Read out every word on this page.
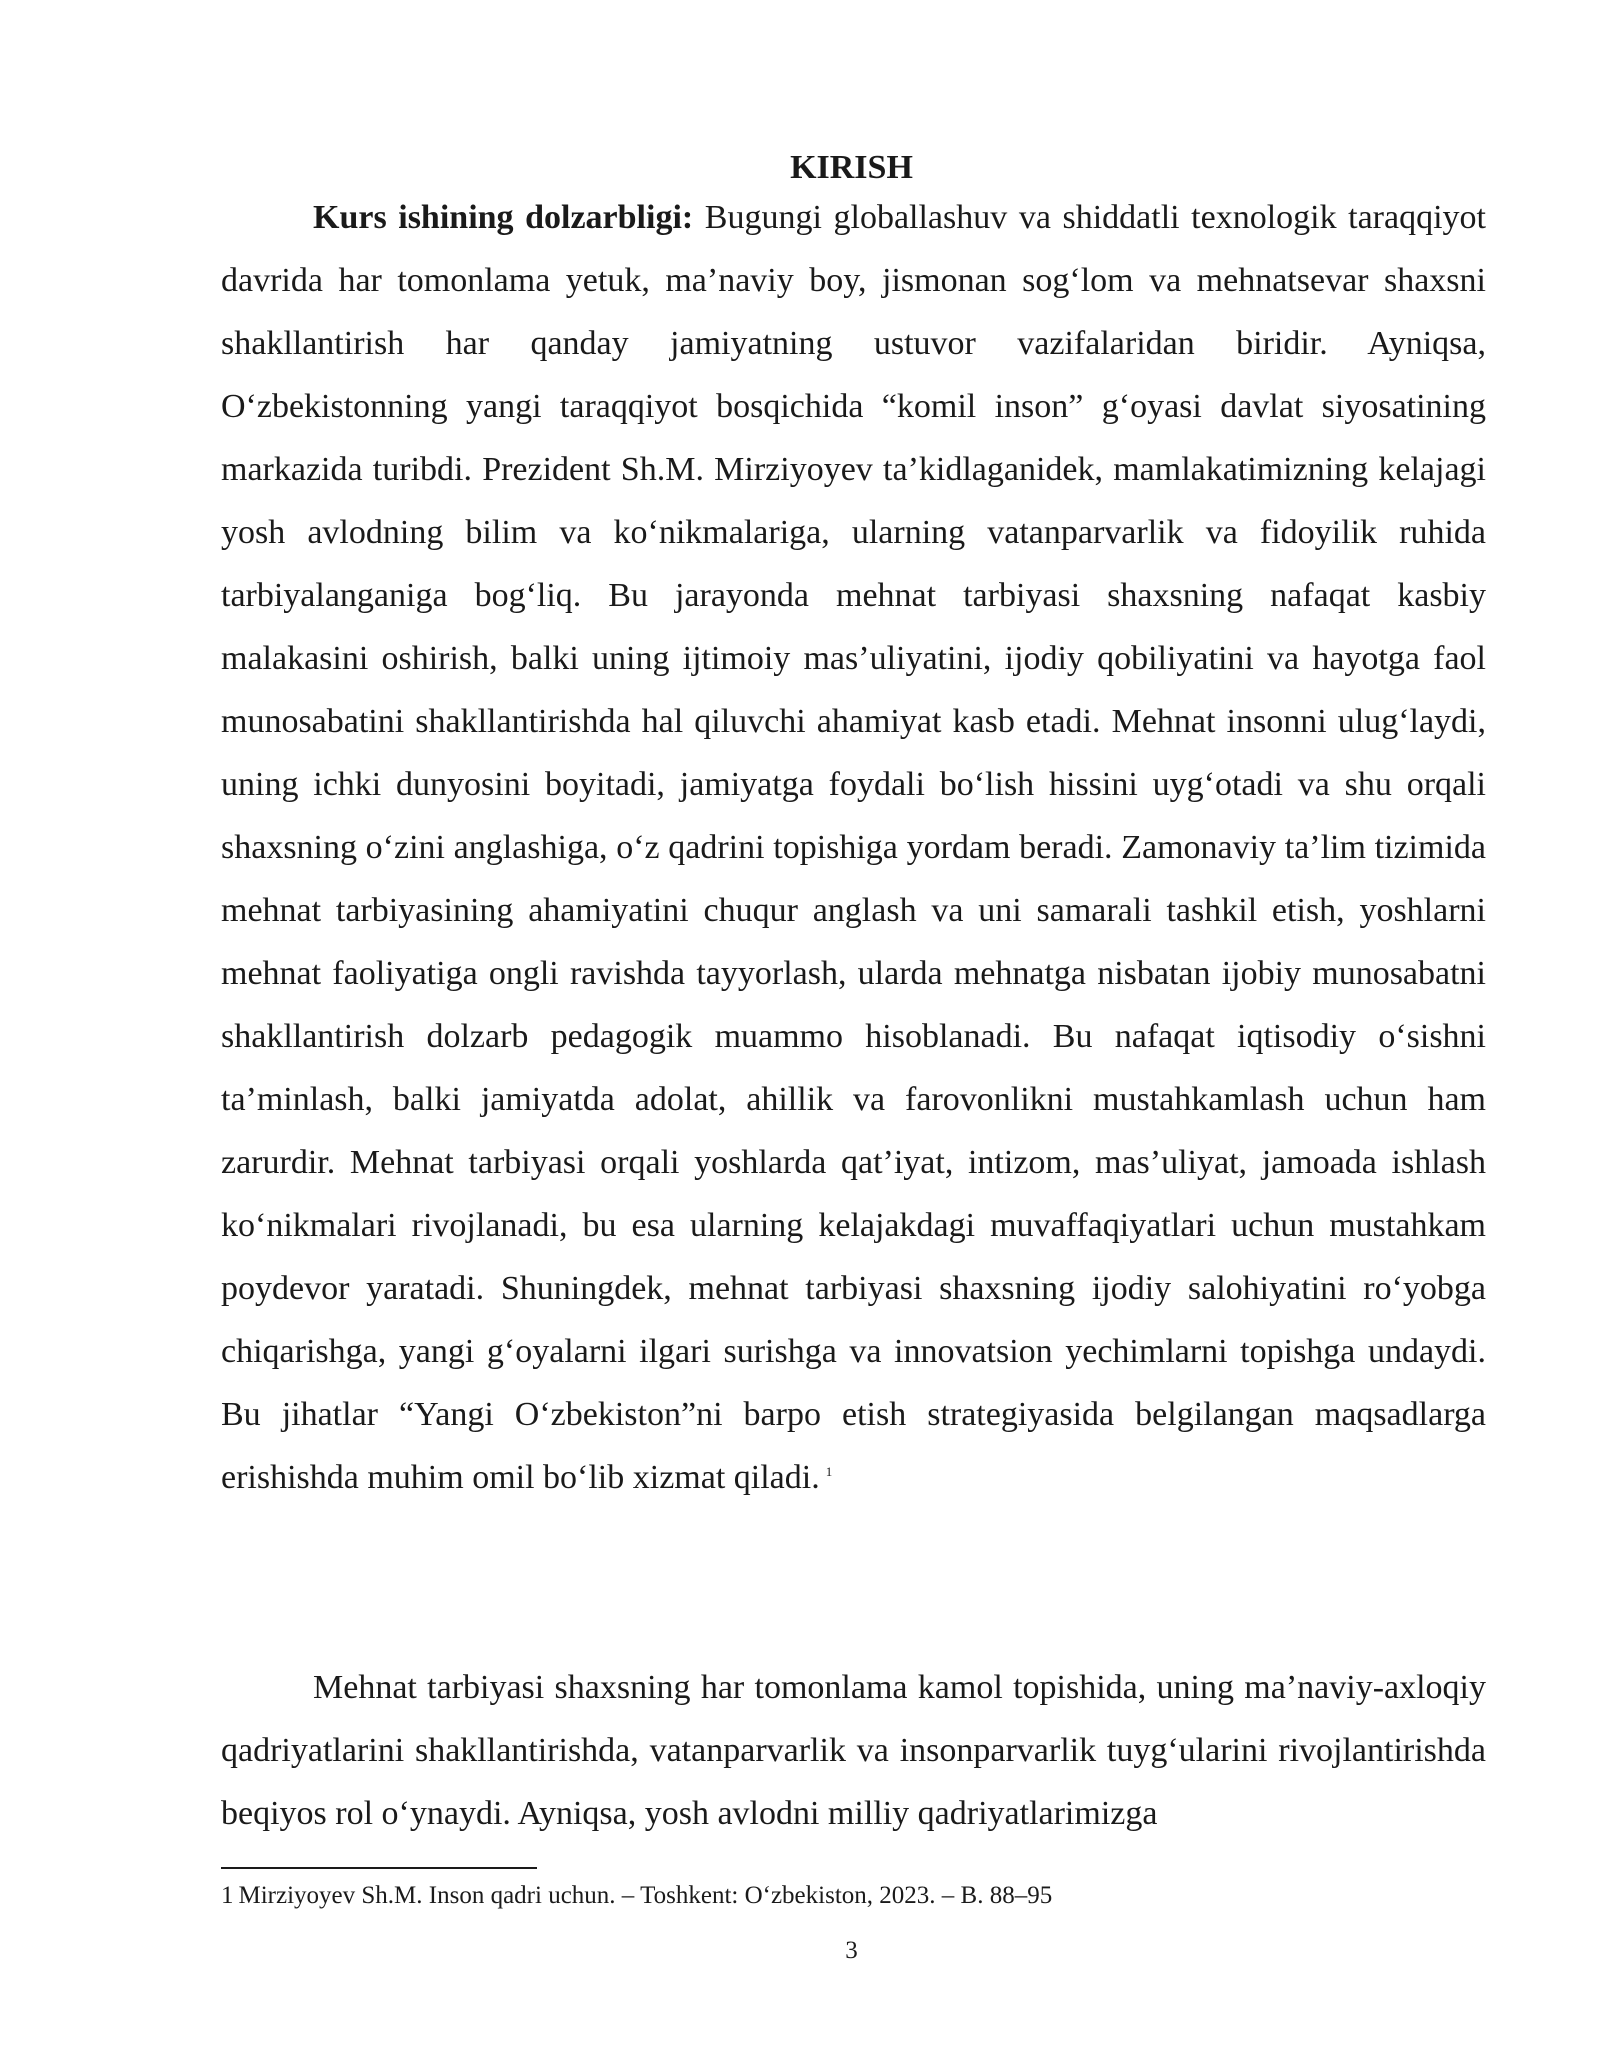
KIRISH

Kurs ishining dolzarbligi: Bugungi globallashuv va shiddatli texnologik taraqqiyot davrida har tomonlama yetuk, ma’naviy boy, jismonan sog‘lom va mehnatsevar shaxsni shakllantirish har qanday jamiyatning ustuvor vazifalaridan biridir. Ayniqsa, O‘zbekistonning yangi taraqqiyot bosqichida “komil inson” g‘oyasi davlat siyosatining markazida turibdi. Prezident Sh.M. Mirziyoyev ta’kidlaganidek, mamlakatimizning kelajagi yosh avlodning bilim va ko‘nikmalariga, ularning vatanparvarlik va fidoyilik ruhida tarbiyalanganiga bog‘liq. Bu jarayonda mehnat tarbiyasi shaxsning nafaqat kasbiy malakasini oshirish, balki uning ijtimoiy mas’uliyatini, ijodiy qobiliyatini va hayotga faol munosabatini shakllantirishda hal qiluvchi ahamiyat kasb etadi. Mehnat insonni ulug‘laydi, uning ichki dunyosini boyitadi, jamiyatga foydali bo‘lish hissini uyg‘otadi va shu orqali shaxsning o‘zini anglashiga, o‘z qadrini topishiga yordam beradi. Zamonaviy ta’lim tizimida mehnat tarbiyasining ahamiyatini chuqur anglash va uni samarali tashkil etish, yoshlarni mehnat faoliyatiga ongli ravishda tayyorlash, ularda mehnatga nisbatan ijobiy munosabatni shakllantirish dolzarb pedagogik muammo hisoblanadi. Bu nafaqat iqtisodiy o‘sishni ta’minlash, balki jamiyatda adolat, ahillik va farovonlikni mustahkamlash uchun ham zarurdir. Mehnat tarbiyasi orqali yoshlarda qat’iyat, intizom, mas’uliyat, jamoada ishlash ko‘nikmalari rivojlanadi, bu esa ularning kelajakdagi muvaffaqiyatlari uchun mustahkam poydevor yaratadi. Shuningdek, mehnat tarbiyasi shaxsning ijodiy salohiyatini ro‘yobga chiqarishga, yangi g‘oyalarni ilgari surishga va innovatsion yechimlarni topishga undaydi. Bu jihatlar “Yangi O‘zbekiston”ni barpo etish strategiyasida belgilangan maqsadlarga erishishda muhim omil bo‘lib xizmat qiladi. $^1$

Mehnat tarbiyasi shaxsning har tomonlama kamol topishida, uning ma’naviy-axloqiy qadriyatlarini shakllantirishda, vatanparvarlik va insonparvarlik tuyg‘ularini rivojlantirishda beqiyos rol o‘ynaydi. Ayniqsa, yosh avlodni milliy qadriyatlarimizga

1 Mirziyoyev Sh.M. Inson qadri uchun. – Toshkent: O‘zbekiston, 2023. – B. 88–95

3
